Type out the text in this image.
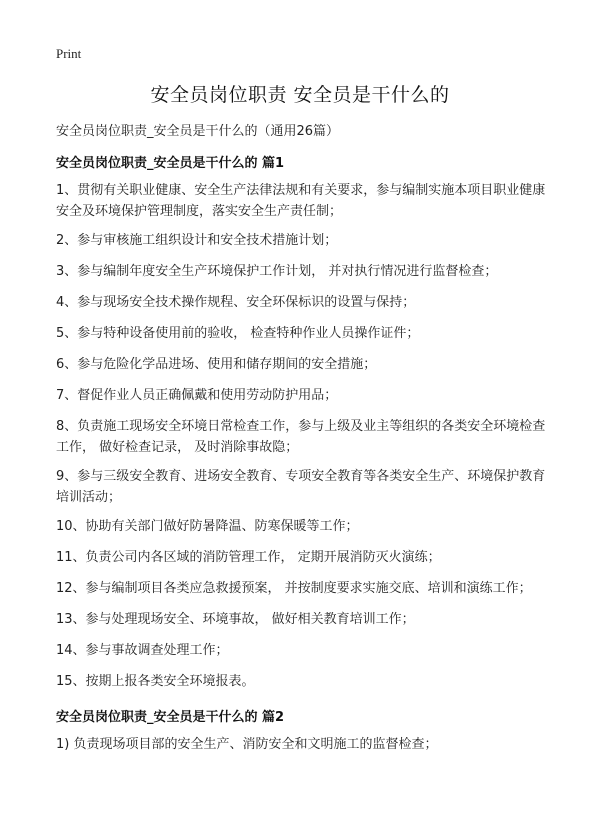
Print
安全员岗位职责 安全员是干什么的
安全员岗位职责_安全员是干什么的（通用26篇）
安全员岗位职责_安全员是干什么的 篇1

1、贯彻有关职业健康、安全生产法律法规和有关要求，参与编制实施本项目职业健康安全及环境保护管理制度，落实安全生产责任制；

2、参与审核施工组织设计和安全技术措施计划；

3、参与编制年度安全生产环境保护工作计划， 并对执行情况进行监督检查；

4、参与现场安全技术操作规程、安全环保标识的设置与保持；

5、参与特种设备使用前的验收， 检查特种作业人员操作证件；

6、参与危险化学品进场、使用和储存期间的安全措施；

7、督促作业人员正确佩戴和使用劳动防护用品；

8、负责施工现场安全环境日常检查工作，参与上级及业主等组织的各类安全环境检查工作， 做好检查记录， 及时消除事故隐；

9、参与三级安全教育、进场安全教育、专项安全教育等各类安全生产、环境保护教育培训活动；

10、协助有关部门做好防暑降温、防寒保暖等工作；

11、负责公司内各区域的消防管理工作， 定期开展消防灭火演练；

12、参与编制项目各类应急救援预案， 并按制度要求实施交底、培训和演练工作；

13、参与处理现场安全、环境事故， 做好相关教育培训工作；

14、参与事故调查处理工作；

15、按期上报各类安全环境报表。

安全员岗位职责_安全员是干什么的 篇2

1) 负责现场项目部的安全生产、消防安全和文明施工的监督检查；
